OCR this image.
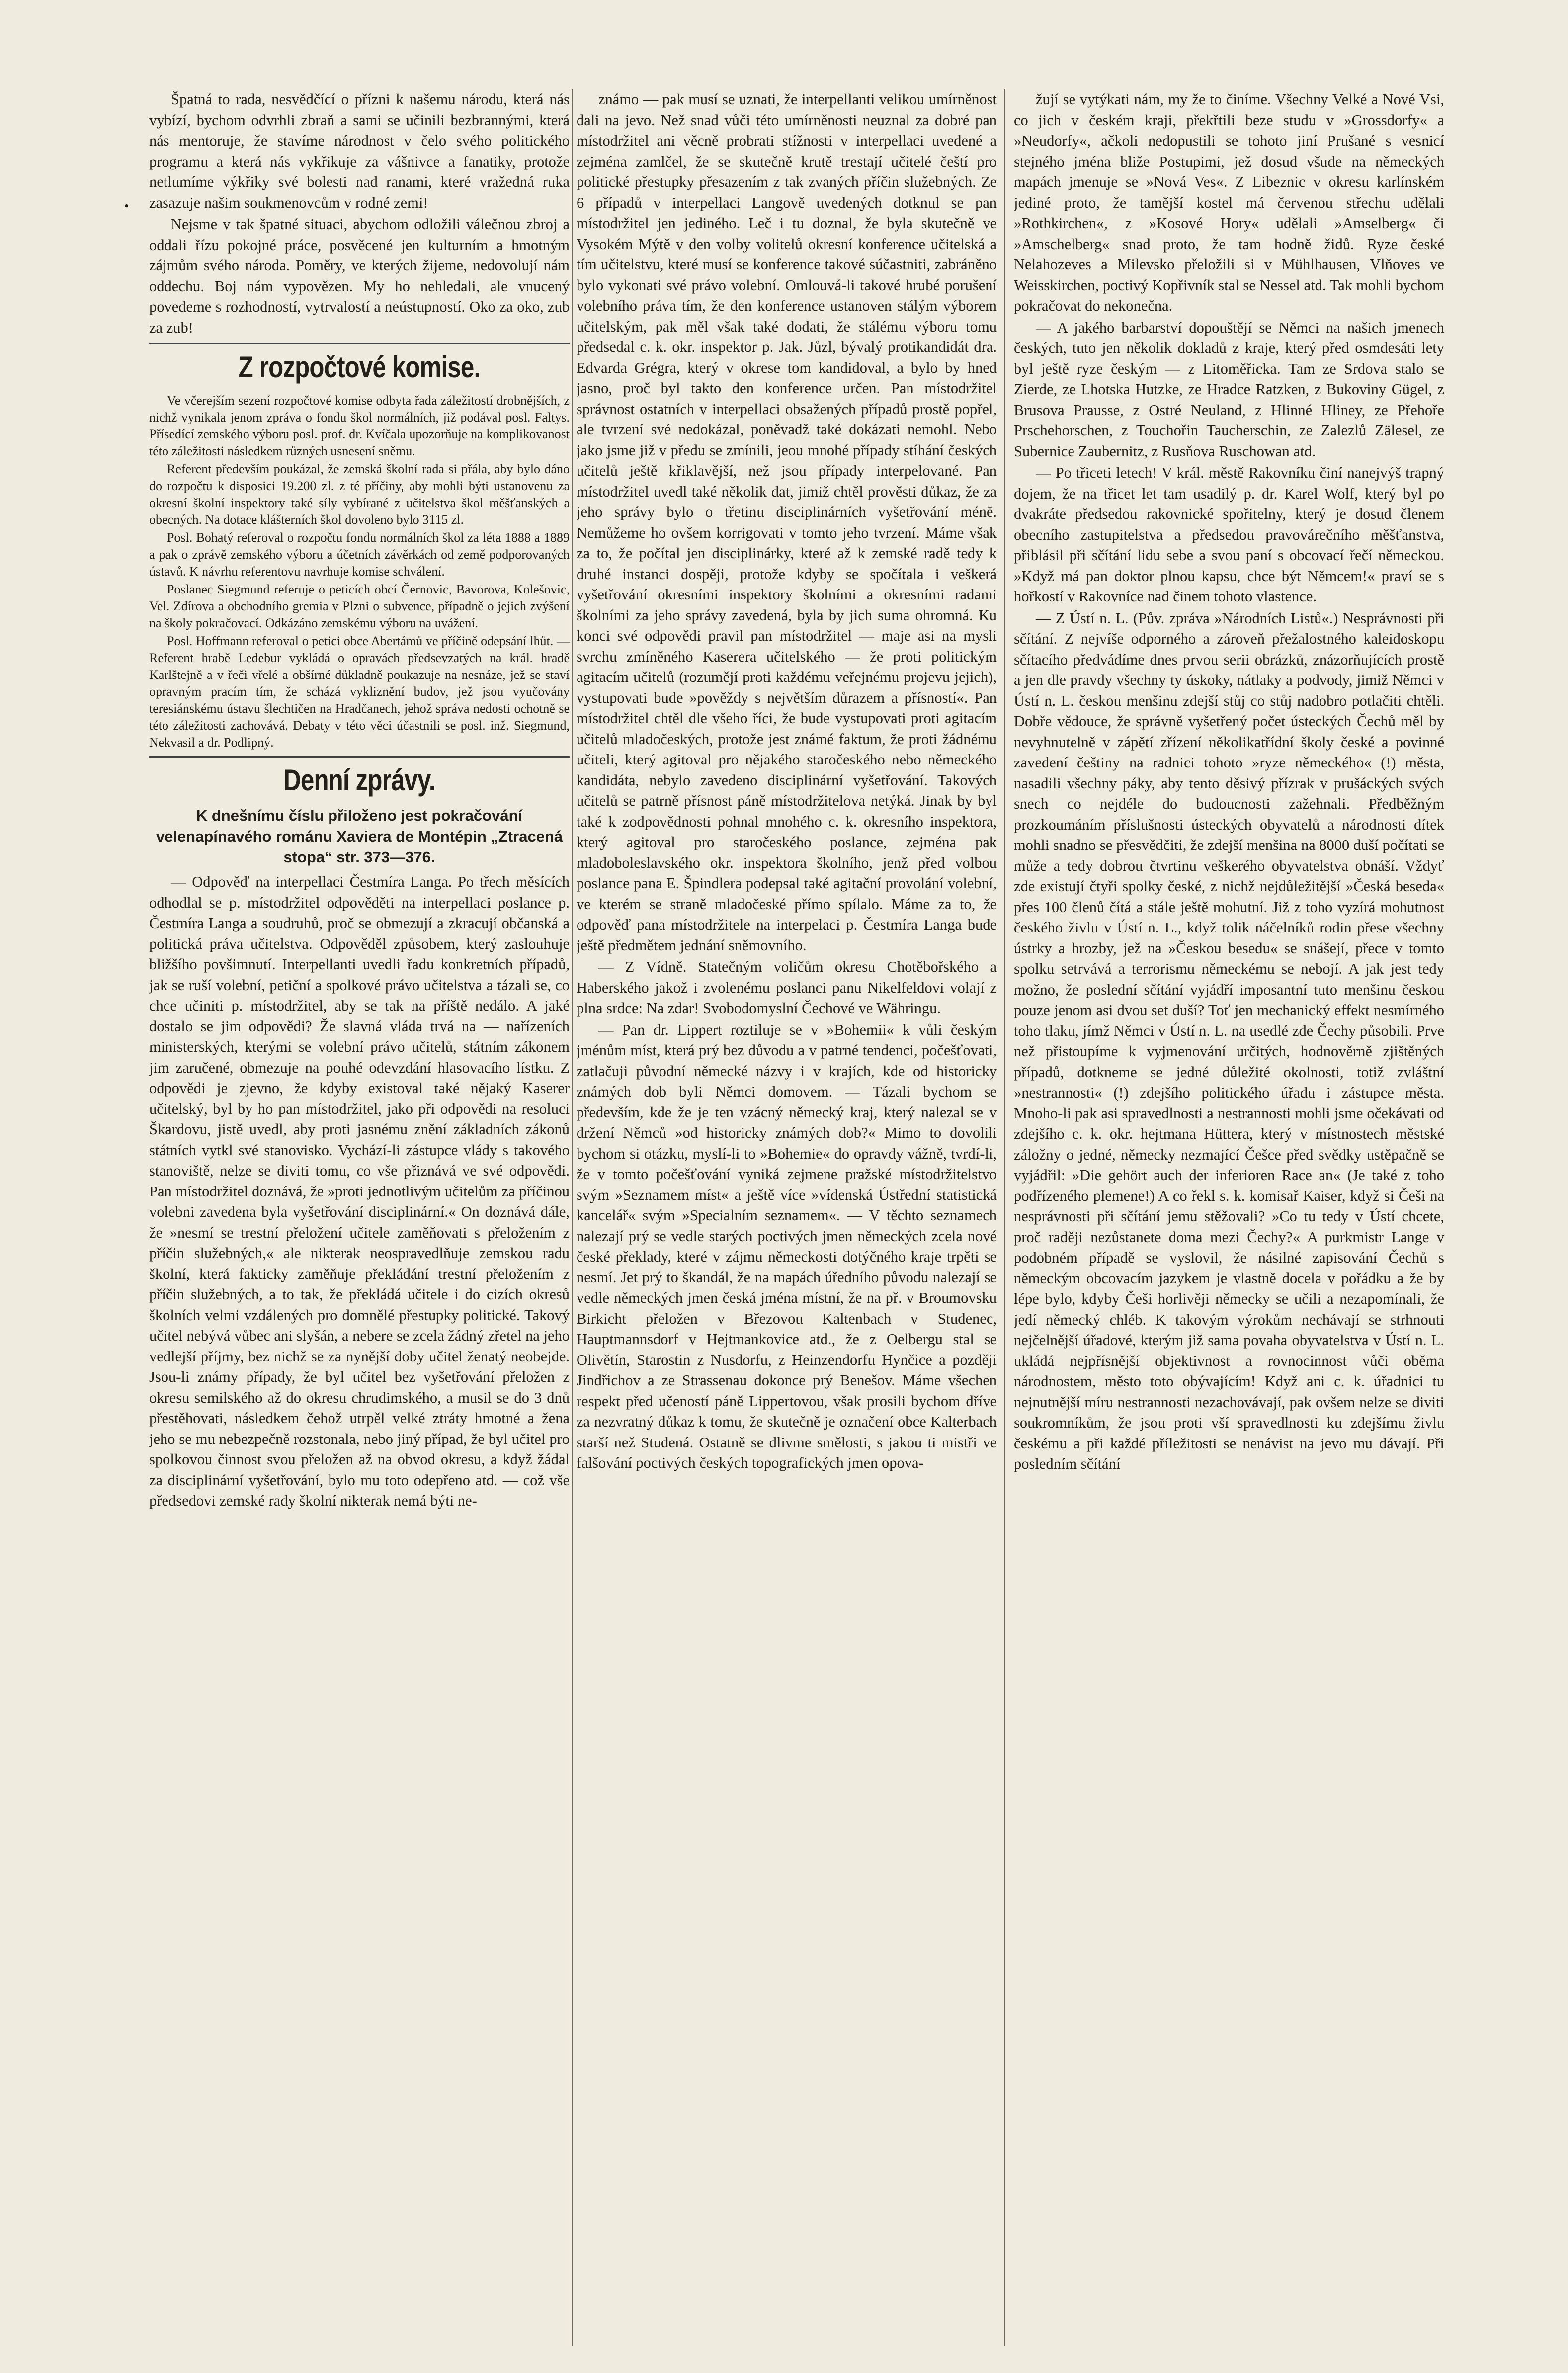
•

Špatná to rada, nesvědčící o přízni k našemu národu, která nás vybízí, bychom odvrhli zbraň a sami se učinili bezbrannými, která nás mentoruje, že stavíme národnost v čelo svého politického programu a která nás vykřikuje za vášnivce a fanatiky, protože netlumíme výkřiky své bolesti nad ranami, které vražedná ruka zasazuje našim soukmenovcům v rodné zemi!

Nejsme v tak špatné situaci, abychom odložili válečnou zbroj a oddali řízu pokojné práce, posvěcené jen kulturním a hmotným zájmům svého národa. Poměry, ve kterých žijeme, nedovolují nám oddechu. Boj nám vypovězen. My ho nehledali, ale vnucený povedeme s rozhodností, vytrvalostí a neústupností. Oko za oko, zub za zub!

Z rozpočtové komise.

Ve včerejším sezení rozpočtové komise odbyta řada záležitostí drobnějších, z nichž vynikala jenom zpráva o fondu škol normálních, již podával posl. Faltys. Přísedící zemského výboru posl. prof. dr. Kvíčala upozorňuje na komplikovanost této záležitosti následkem různých usnesení sněmu.

Referent především poukázal, že zemská školní rada si přála, aby bylo dáno do rozpočtu k disposici 19.200 zl. z té příčiny, aby mohli býti ustanovenu za okresní školní inspektory také síly vybírané z učitelstva škol měšťanských a obecných. Na dotace klášterních škol dovoleno bylo 3115 zl.

Posl. Bohatý referoval o rozpočtu fondu normálních škol za léta 1888 a 1889 a pak o zprávě zemského výboru a účetních závěrkách od země podporovaných ústavů. K návrhu referentovu navrhuje komise schválení.

Poslanec Siegmund referuje o peticích obcí Černovic, Bavorova, Kolešovic, Vel. Zdírova a obchodního gremia v Plzni o subvence, případně o jejich zvýšení na školy pokračovací. Odkázáno zemskému výboru na uvážení.

Posl. Hoffmann referoval o petici obce Abertámů ve příčině odepsání lhůt. — Referent hrabě Ledebur vykládá o opravách předsevzatých na král. hradě Karlštejně a v řeči vřelé a obšírné důkladně poukazuje na nesnáze, jež se staví opravným pracím tím, že scházá vykliznění budov, jež jsou vyučovány teresiánskému ústavu šlechtičen na Hradčanech, jehož správa nedosti ochotně se této záležitosti zachovává. Debaty v této věci účastnili se posl. inž. Siegmund, Nekvasil a dr. Podlipný.

Denní zprávy.
K dnešnímu číslu přiloženo jest pokračování velenapínavého románu Xaviera de Montépin „Ztracená stopa“ str. 373—376.

— Odpověď na interpellaci Čestmíra Langa. Po třech měsících odhodlal se p. místodržitel odpověděti na interpellaci poslance p. Čestmíra Langa a soudruhů, proč se obmezují a zkracují občanská a politická práva učitelstva. Odpověděl způsobem, který zaslouhuje bližšího povšimnutí. Interpellanti uvedli řadu konkretních případů, jak se ruší volební, petiční a spolkové právo učitelstva a tázali se, co chce učiniti p. místodržitel, aby se tak na příště nedálo. A jaké dostalo se jim odpovědi? Že slavná vláda trvá na — nařízeních ministerských, kterými se volební právo učitelů, státním zákonem jim zaručené, obmezuje na pouhé odevzdání hlasovacího lístku. Z odpovědi je zjevno, že kdyby existoval také nějaký Kaserer učitelský, byl by ho pan místodržitel, jako při odpovědi na resoluci Škardovu, jistě uvedl, aby proti jasnému znění základních zákonů státních vytkl své stanovisko. Vychází-li zástupce vlády s takového stanoviště, nelze se diviti tomu, co vše přiznává ve své odpovědi. Pan místodržitel doznává, že »proti jednotlivým učitelům za příčinou volebni zavedena byla vyšetřování disciplinární.« On doznává dále, že »nesmí se trestní přeložení učitele zaměňovati s přeložením z příčin služebných,« ale nikterak neospravedlňuje zemskou radu školní, která fakticky zaměňuje překládání trestní přeložením z příčin služebných, a to tak, že překládá učitele i do cizích okresů školních velmi vzdálených pro domnělé přestupky politické. Takový učitel nebývá vůbec ani slyšán, a nebere se zcela žádný zřetel na jeho vedlejší příjmy, bez nichž se za nynější doby učitel ženatý neobejde. Jsou-li známy případy, že byl učitel bez vyšetřování přeložen z okresu semilského až do okresu chrudimského, a musil se do 3 dnů přestěhovati, následkem čehož utrpěl velké ztráty hmotné a žena jeho se mu nebezpečně rozstonala, nebo jiný případ, že byl učitel pro spolkovou činnost svou přeložen až na obvod okresu, a když žádal za disciplinární vyšetřování, bylo mu toto odepřeno atd. — což vše předsedovi zemské rady školní nikterak nemá býti ne-

známo — pak musí se uznati, že interpellanti velikou umírněnost dali na jevo. Než snad vůči této umírněnosti neuznal za dobré pan místodržitel ani věcně probrati stížnosti v interpellaci uvedené a zejména zamlčel, že se skutečně krutě trestají učitelé čeští pro politické přestupky přesazením z tak zvaných příčin služebných. Ze 6 případů v interpellaci Langově uvedených dotknul se pan místodržitel jen jediného. Leč i tu doznal, že byla skutečně ve Vysokém Mýtě v den volby volitelů okresní konference učitelská a tím učitelstvu, které musí se konference takové súčastniti, zabráněno bylo vykonati své právo volební. Omlouvá-li takové hrubé porušení volebního práva tím, že den konference ustanoven stálým výborem učitelským, pak měl však také dodati, že stálému výboru tomu předsedal c. k. okr. inspektor p. Jak. Jůzl, bývalý protikandidát dra. Edvarda Grégra, který v okrese tom kandidoval, a bylo by hned jasno, proč byl takto den konference určen. Pan místodržitel správnost ostatních v interpellaci obsažených případů prostě popřel, ale tvrzení své nedokázal, poněvadž také dokázati nemohl. Nebo jako jsme již v předu se zmínili, jeou mnohé případy stíhání českých učitelů ještě křiklavější, než jsou případy interpelované. Pan místodržitel uvedl také několik dat, jimiž chtěl prověsti důkaz, že za jeho správy bylo o třetinu disciplinárních vyšetřování méně. Nemůžeme ho ovšem korrigovati v tomto jeho tvrzení. Máme však za to, že počítal jen disciplinárky, které až k zemské radě tedy k druhé instanci dospěji, protože kdyby se spočítala i veškerá vyšetřování okresními inspektory školními a okresními radami školními za jeho správy zavedená, byla by jich suma ohromná. Ku konci své odpovědi pravil pan místodržitel — maje asi na mysli svrchu zmíněného Kaserera učitelského — že proti politickým agitacím učitelů (rozumějí proti každému veřejnému projevu jejich), vystupovati bude »pověždy s největším důrazem a přísností«. Pan místodržitel chtěl dle všeho říci, že bude vystupovati proti agitacím učitelů mladočeských, protože jest známé faktum, že proti žádnému učiteli, který agitoval pro nějakého staročeského nebo německého kandidáta, nebylo zavedeno disciplinární vyšetřování. Takových učitelů se patrně přísnost páně místodržitelova netýká. Jinak by byl také k zodpovědnosti pohnal mnohého c. k. okresního inspektora, který agitoval pro staročeského poslance, zejména pak mladoboleslavského okr. inspektora školního, jenž před volbou poslance pana E. Špindlera podepsal také agitační provolání volební, ve kterém se straně mladočeské přímo spílalo. Máme za to, že odpověď pana místodržitele na interpelaci p. Čestmíra Langa bude ještě předmětem jednání sněmovního.

— Z Vídně. Statečným voličům okresu Chotěbořského a Haberského jakož i zvolenému poslanci panu Nikelfeldovi volají z plna srdce: Na zdar! Svobodomyslní Čechové ve Währingu.

— Pan dr. Lippert roztiluje se v »Bohemii« k vůli českým jménům míst, která prý bez důvodu a v patrné tendenci, počešťovati, zatlačuji původní německé názvy i v krajích, kde od historicky známých dob byli Němci domovem. — Tázali bychom se především, kde že je ten vzácný německý kraj, který nalezal se v držení Němců »od historicky známých dob?« Mimo to dovolili bychom si otázku, myslí-li to »Bohemie« do opravdy vážně, tvrdí-li, že v tomto počešťování vyniká zejmene pražské místodržitelstvo svým »Seznamem míst« a ještě více »vídenská Ústřední statistická kancelář« svým »Specialním seznamem«. — V těchto seznamech nalezají prý se vedle starých poctivých jmen německých zcela nové české překlady, které v zájmu německosti dotýčného kraje trpěti se nesmí. Jet prý to škandál, že na mapách úředního původu nalezají se vedle německých jmen česká jména místní, že na př. v Broumovsku Birkicht přeložen v Březovou Kaltenbach v Studenec, Hauptmannsdorf v Hejtmankovice atd., že z Oelbergu stal se Olivětín, Starostin z Nusdorfu, z Heinzendorfu Hynčice a později Jindřichov a ze Strassenau dokonce prý Benešov. Máme všechen respekt před učeností páně Lippertovou, však prosili bychom dříve za nezvratný důkaz k tomu, že skutečně je označení obce Kalterbach starší než Studená. Ostatně se dlivme smělosti, s jakou ti mistři ve falšování poctivých českých topografických jmen opova-

žují se vytýkati nám, my že to činíme. Všechny Velké a Nové Vsi, co jich v českém kraji, překřtili beze studu v »Grossdorfy« a »Neudorfy«, ačkoli nedopustili se tohoto jiní Prušané s vesnicí stejného jména bliže Postupimi, jež dosud všude na německých mapách jmenuje se »Nová Ves«. Z Libeznic v okresu karlínském jediné proto, že tamější kostel má červenou střechu udělali »Rothkirchen«, z »Kosové Hory« udělali »Amselberg« či »Amschelberg« snad proto, že tam hodně židů. Ryze české Nelahozeves a Milevsko přeložili si v Mühlhausen, Vlňoves ve Weisskirchen, poctivý Kopřivník stal se Nessel atd. Tak mohli bychom pokračovat do nekonečna.

— A jakého barbarství dopouštějí se Němci na našich jmenech českých, tuto jen několik dokladů z kraje, který před osmdesáti lety byl ještě ryze českým — z Litoměřicka. Tam ze Srdova stalo se Zierde, ze Lhotska Hutzke, ze Hradce Ratzken, z Bukoviny Gügel, z Brusova Prausse, z Ostré Neuland, z Hlinné Hliney, ze Přehoře Prschehorschen, z Touchořin Taucherschin, ze Zalezlů Zälesel, ze Subernice Zaubernitz, z Rusňova Ruschowan atd.

— Po třiceti letech! V král. městě Rakovníku činí nanejvýš trapný dojem, že na třicet let tam usadilý p. dr. Karel Wolf, který byl po dvakráte předsedou rakovnické spořitelny, který je dosud členem obecního zastupitelstva a předsedou pravovárečního měšťanstva, přiblásil při sčítání lidu sebe a svou paní s obcovací řečí německou. »Když má pan doktor plnou kapsu, chce být Němcem!« praví se s hořkostí v Rakovníce nad činem tohoto vlastence.

— Z Ústí n. L. (Pův. zpráva »Národních Listů«.) Nesprávnosti při sčítání. Z nejvíše odporného a zároveň přežalostného kaleidoskopu sčítacího předvádíme dnes prvou serii obrázků, znázorňujících prostě a jen dle pravdy všechny ty úskoky, nátlaky a podvody, jimiž Němci v Ústí n. L. českou menšinu zdejší stůj co stůj nadobro potlačiti chtěli. Dobře vědouce, že správně vyšetřený počet ústeckých Čechů měl by nevyhnutelně v zápětí zřízení několikatřídní školy české a povinné zavedení češtiny na radnici tohoto »ryze německého« (!) města, nasadili všechny páky, aby tento děsivý přízrak v prušáckých svých snech co nejdéle do budoucnosti zažehnali. Předběžným prozkoumáním příslušnosti ústeckých obyvatelů a národnosti dítek mohli snadno se přesvědčiti, že zdejší menšina na 8000 duší počítati se může a tedy dobrou čtvrtinu veškerého obyvatelstva obnáší. Vždyť zde existují čtyři spolky české, z nichž nejdůležitější »Česká beseda« přes 100 členů čítá a stále ještě mohutní. Již z toho vyzírá mohutnost českého živlu v Ústí n. L., když tolik náčelníků rodin přese všechny ústrky a hrozby, jež na »Českou besedu« se snášejí, přece v tomto spolku setrvává a terrorismu německému se nebojí. A jak jest tedy možno, že poslední sčítání vyjádří imposantní tuto menšinu českou pouze jenom asi dvou set duší? Toť jen mechanický effekt nesmírného toho tlaku, jímž Němci v Ústí n. L. na usedlé zde Čechy působili. Prve než přistoupíme k vyjmenování určitých, hodnověrně zjištěných případů, dotkneme se jedné důležité okolnosti, totiž zvláštní »nestrannosti« (!) zdejšího politického úřadu i zástupce města. Mnoho-li pak asi spravedlnosti a nestrannosti mohli jsme očekávati od zdejšího c. k. okr. hejtmana Hüttera, který v místnostech městské záložny o jedné, německy nezmající Češce před svědky ustěpačně se vyjádřil: »Die gehört auch der inferioren Race an« (Je také z toho podřízeného plemene!) A co řekl s. k. komisař Kaiser, když si Češi na nesprávnosti při sčítání jemu stěžovali? »Co tu tedy v Ústí chcete, proč raději nezůstanete doma mezi Čechy?« A purkmistr Lange v podobném případě se vyslovil, že násilné zapisování Čechů s německým obcovacím jazykem je vlastně docela v pořádku a že by lépe bylo, kdyby Češi horlivěji německy se učili a nezapomínali, že jedí německý chléb. K takovým výrokům nechávají se strhnouti nejčelnější úřadové, kterým již sama povaha obyvatelstva v Ústí n. L. ukládá nejpřísnější objektivnost a rovnocinnost vůči oběma národnostem, město toto obývajícím! Když ani c. k. úřadnici tu nejnutnější míru nestrannosti nezachovávají, pak ovšem nelze se diviti soukromníkům, že jsou proti vší spravedlnosti ku zdejšímu živlu českému a při každé příležitosti se nenávist na jevo mu dávají. Při posledním sčítání
